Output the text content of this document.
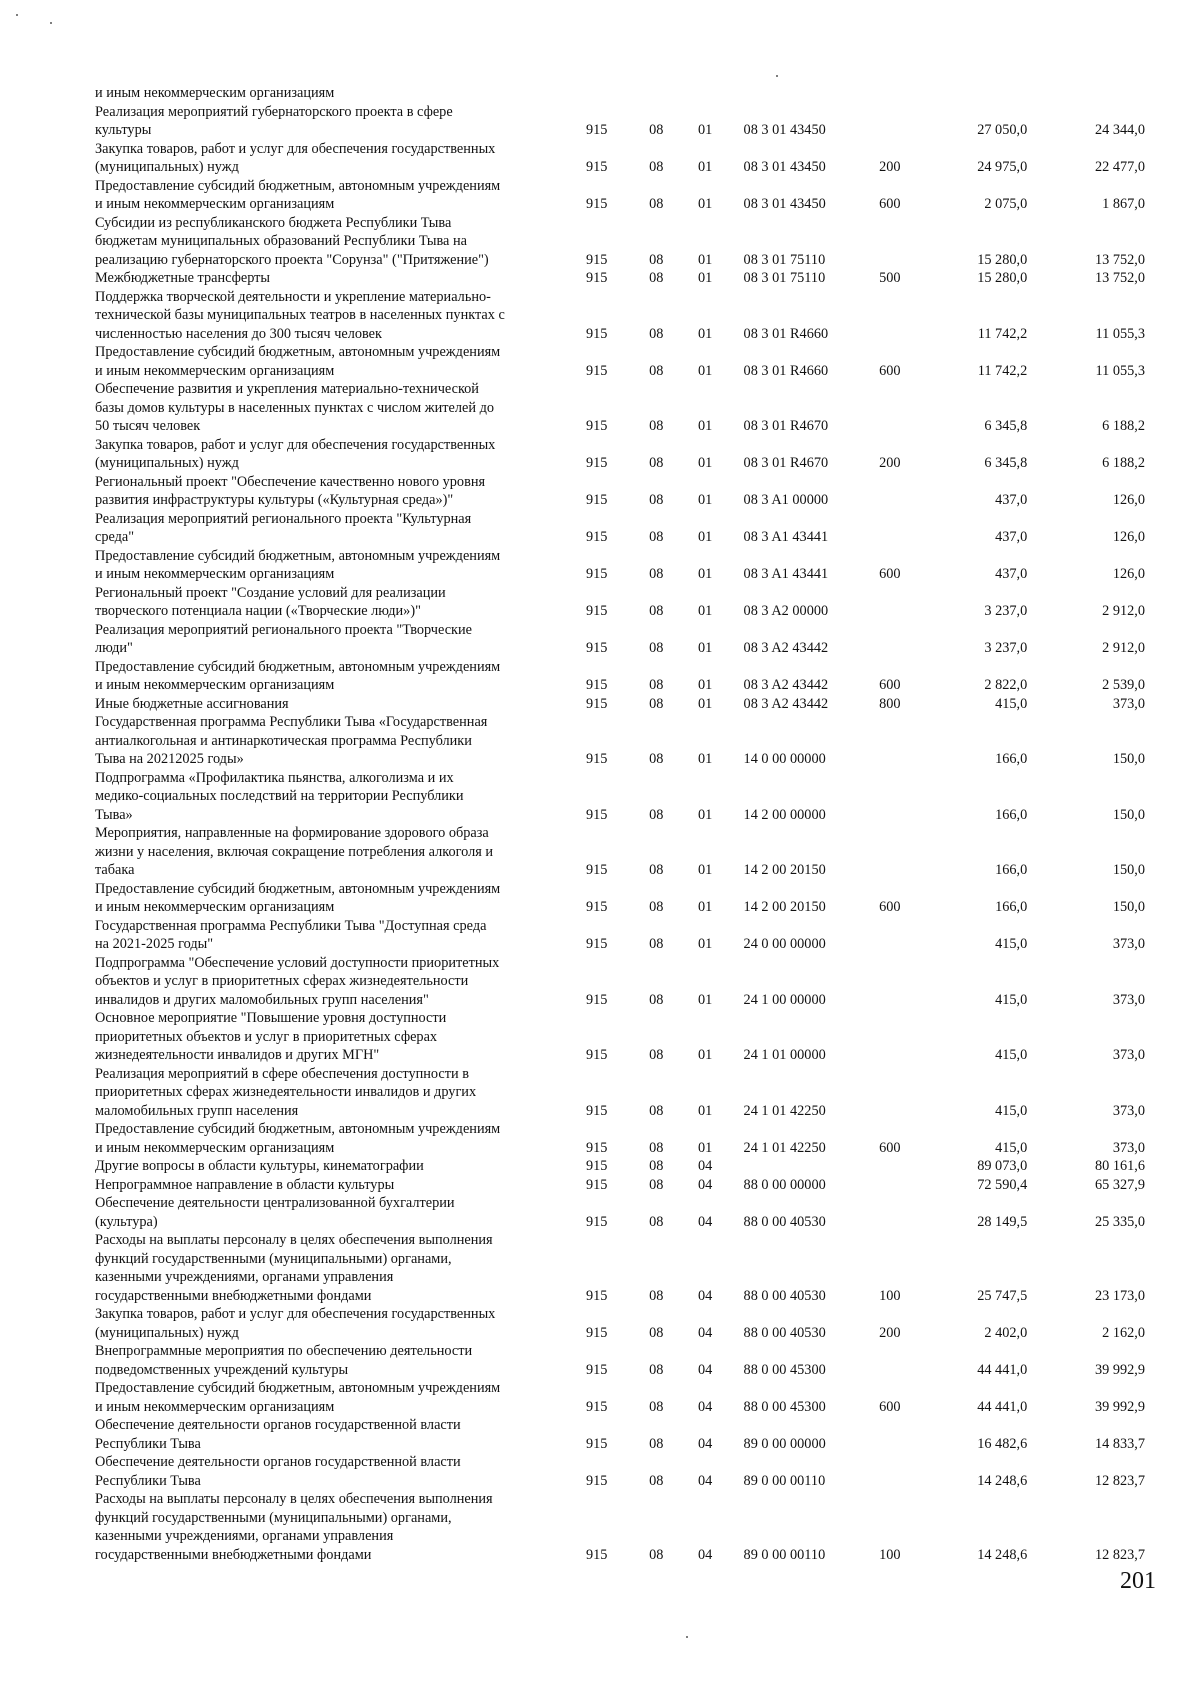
и иным некоммерческим организациям							

Реализация мероприятий губернаторского проекта в сфере
культуры	915	08	01	08 3 01 43450		27 050,0	24 344,0

Закупка товаров, работ и услуг для обеспечения государственных
(муниципальных) нужд	915	08	01	08 3 01 43450	200	24 975,0	22 477,0

Предоставление субсидий бюджетным, автономным учреждениям
и иным некоммерческим организациям	915	08	01	08 3 01 43450	600	2 075,0	1 867,0

Субсидии из республиканского бюджета Республики Тыва
бюджетам муниципальных образований Республики Тыва на
реализацию губернаторского проекта "Сорунза" ("Притяжение")	915	08	01	08 3 01 75110		15 280,0	13 752,0

Межбюджетные трансферты	915	08	01	08 3 01 75110	500	15 280,0	13 752,0

Поддержка творческой деятельности и укрепление материально-
технической базы муниципальных театров в населенных пунктах с
численностью населения до 300 тысяч человек	915	08	01	08 3 01 R4660		11 742,2	11 055,3

Предоставление субсидий бюджетным, автономным учреждениям
и иным некоммерческим организациям	915	08	01	08 3 01 R4660	600	11 742,2	11 055,3

Обеспечение развития и укрепления материально-технической
базы домов культуры в населенных пунктах с числом жителей до
50 тысяч человек	915	08	01	08 3 01 R4670		6 345,8	6 188,2

Закупка товаров, работ и услуг для обеспечения государственных
(муниципальных) нужд	915	08	01	08 3 01 R4670	200	6 345,8	6 188,2

Региональный проект "Обеспечение качественно нового уровня
развития инфраструктуры культуры («Культурная среда»)"	915	08	01	08 3 A1 00000		437,0	126,0

Реализация мероприятий регионального проекта "Культурная
среда"	915	08	01	08 3 A1 43441		437,0	126,0

Предоставление субсидий бюджетным, автономным учреждениям
и иным некоммерческим организациям	915	08	01	08 3 A1 43441	600	437,0	126,0

Региональный проект "Создание условий для реализации
творческого потенциала нации («Творческие люди»)"	915	08	01	08 3 A2 00000		3 237,0	2 912,0

Реализация мероприятий регионального проекта "Творческие
люди"	915	08	01	08 3 A2 43442		3 237,0	2 912,0

Предоставление субсидий бюджетным, автономным учреждениям
и иным некоммерческим организациям	915	08	01	08 3 A2 43442	600	2 822,0	2 539,0

Иные бюджетные ассигнования	915	08	01	08 3 A2 43442	800	415,0	373,0

Государственная программа Республики Тыва «Государственная
антиалкогольная и антинаркотическая программа Республики
Тыва на 20212025 годы»	915	08	01	14 0 00 00000		166,0	150,0

Подпрограмма «Профилактика пьянства, алкоголизма и их
медико-социальных последствий на территории Республики
Тыва»	915	08	01	14 2 00 00000		166,0	150,0

Мероприятия, направленные на формирование здорового образа
жизни у населения, включая сокращение потребления алкоголя и
табака	915	08	01	14 2 00 20150		166,0	150,0

Предоставление субсидий бюджетным, автономным учреждениям
и иным некоммерческим организациям	915	08	01	14 2 00 20150	600	166,0	150,0

Государственная программа Республики Тыва "Доступная среда
на 2021-2025 годы"	915	08	01	24 0 00 00000		415,0	373,0

Подпрограмма "Обеспечение условий доступности приоритетных
объектов и услуг в приоритетных сферах жизнедеятельности
инвалидов и других маломобильных групп населения"	915	08	01	24 1 00 00000		415,0	373,0

Основное мероприятие "Повышение уровня доступности
приоритетных объектов и услуг в приоритетных сферах
жизнедеятельности инвалидов и других МГН"	915	08	01	24 1 01 00000		415,0	373,0

Реализация мероприятий в сфере обеспечения доступности в
приоритетных сферах жизнедеятельности инвалидов и других
маломобильных групп населения	915	08	01	24 1 01 42250		415,0	373,0

Предоставление субсидий бюджетным, автономным учреждениям
и иным некоммерческим организациям	915	08	01	24 1 01 42250	600	415,0	373,0

Другие вопросы в области культуры, кинематографии	915	08	04			89 073,0	80 161,6

Непрограммное направление в области культуры	915	08	04	88 0 00 00000		72 590,4	65 327,9

Обеспечение деятельности централизованной бухгалтерии
(культура)	915	08	04	88 0 00 40530		28 149,5	25 335,0

Расходы на выплаты персоналу в целях обеспечения выполнения
функций государственными (муниципальными) органами,
казенными учреждениями, органами управления
государственными внебюджетными фондами	915	08	04	88 0 00 40530	100	25 747,5	23 173,0

Закупка товаров, работ и услуг для обеспечения государственных
(муниципальных) нужд	915	08	04	88 0 00 40530	200	2 402,0	2 162,0

Внепрограммные мероприятия по обеспечению деятельности
подведомственных учреждений культуры	915	08	04	88 0 00 45300		44 441,0	39 992,9

Предоставление субсидий бюджетным, автономным учреждениям
и иным некоммерческим организациям	915	08	04	88 0 00 45300	600	44 441,0	39 992,9

Обеспечение деятельности органов государственной власти
Республики Тыва	915	08	04	89 0 00 00000		16 482,6	14 833,7

Обеспечение деятельности органов государственной власти
Республики Тыва	915	08	04	89 0 00 00110		14 248,6	12 823,7

Расходы на выплаты персоналу в целях обеспечения выполнения
функций государственными (муниципальными) органами,
казенными учреждениями, органами управления
государственными внебюджетными фондами	915	08	04	89 0 00 00110	100	14 248,6	12 823,7
201
